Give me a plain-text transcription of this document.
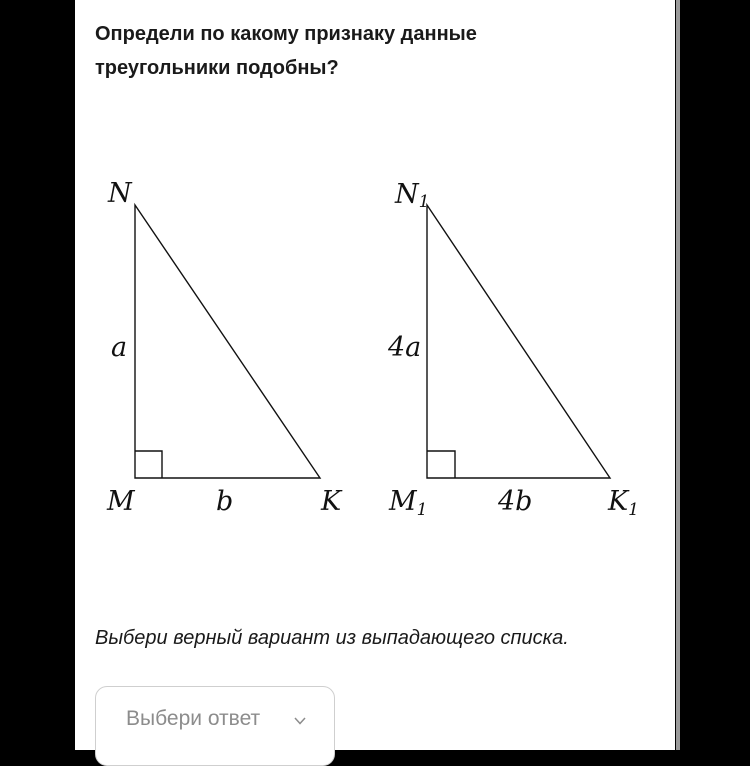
Определи по какому признаку данные треугольники подобны?

N
M	K
a
b
N1
M1	K1
4a
4b

Выбери верный вариант из выпадающего списка.

Выбери ответ
